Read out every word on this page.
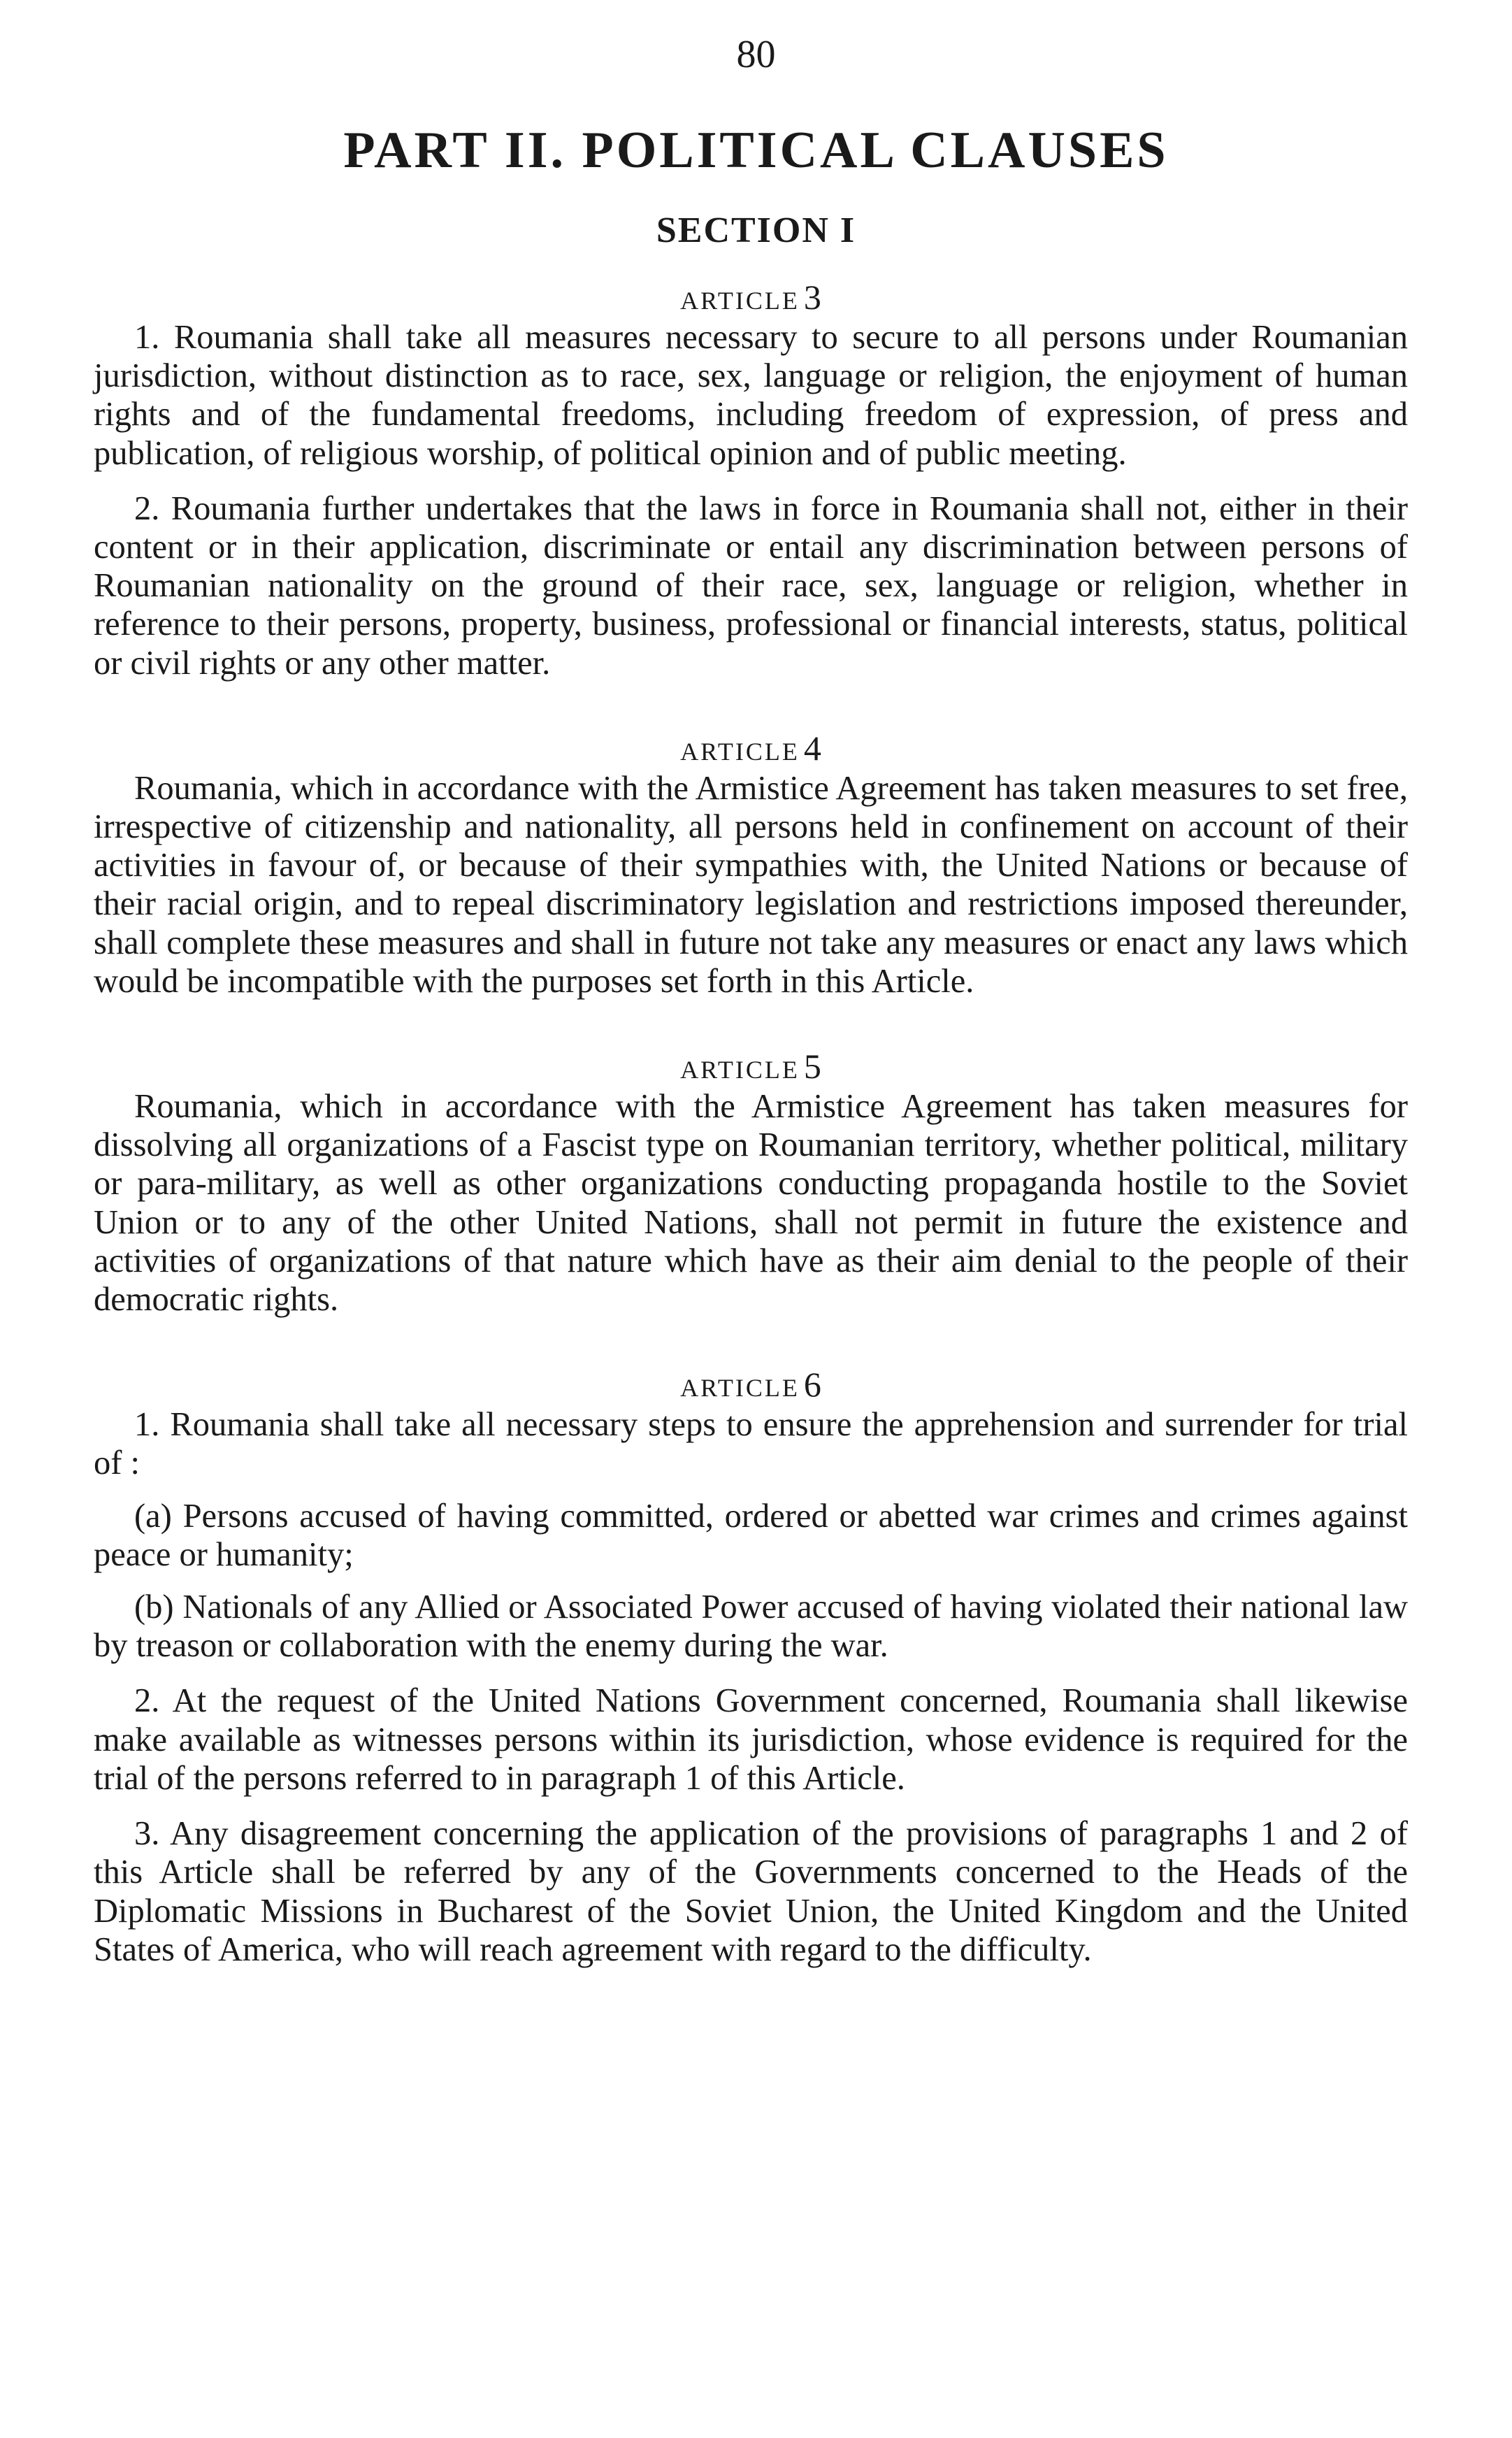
80
PART II. POLITICAL CLAUSES
SECTION I
ARTICLE 3

1. Roumania shall take all measures necessary to secure to all persons under Roumanian jurisdiction, without distinction as to race, sex, language or religion, the enjoyment of human rights and of the fundamental freedoms, including freedom of expression, of press and publication, of religious worship, of political opinion and of public meeting.

2. Roumania further undertakes that the laws in force in Roumania shall not, either in their content or in their application, discriminate or entail any discrimination between persons of Roumanian nationality on the ground of their race, sex, language or religion, whether in reference to their persons, property, business, professional or financial interests, status, political or civil rights or any other matter.

ARTICLE 4

Roumania, which in accordance with the Armistice Agreement has taken measures to set free, irrespective of citizenship and nationality, all persons held in confinement on account of their activities in favour of, or because of their sympathies with, the United Nations or because of their racial origin, and to repeal discriminatory legislation and restrictions imposed thereunder, shall complete these measures and shall in future not take any measures or enact any laws which would be incompatible with the purposes set forth in this Article.

ARTICLE 5

Roumania, which in accordance with the Armistice Agreement has taken measures for dissolving all organizations of a Fascist type on Roumanian territory, whether political, military or para-military, as well as other organizations conducting propaganda hostile to the Soviet Union or to any of the other United Nations, shall not permit in future the existence and activities of organizations of that nature which have as their aim denial to the people of their democratic rights.

ARTICLE 6

1. Roumania shall take all necessary steps to ensure the apprehension and surrender for trial of :

(a) Persons accused of having committed, ordered or abetted war crimes and crimes against peace or humanity;

(b) Nationals of any Allied or Associated Power accused of having violated their national law by treason or collaboration with the enemy during the war.

2. At the request of the United Nations Government concerned, Roumania shall likewise make available as witnesses persons within its jurisdiction, whose evidence is required for the trial of the persons referred to in paragraph 1 of this Article.

3. Any disagreement concerning the application of the provisions of paragraphs 1 and 2 of this Article shall be referred by any of the Governments concerned to the Heads of the Diplomatic Missions in Bucharest of the Soviet Union, the United Kingdom and the United States of America, who will reach agreement with regard to the difficulty.
